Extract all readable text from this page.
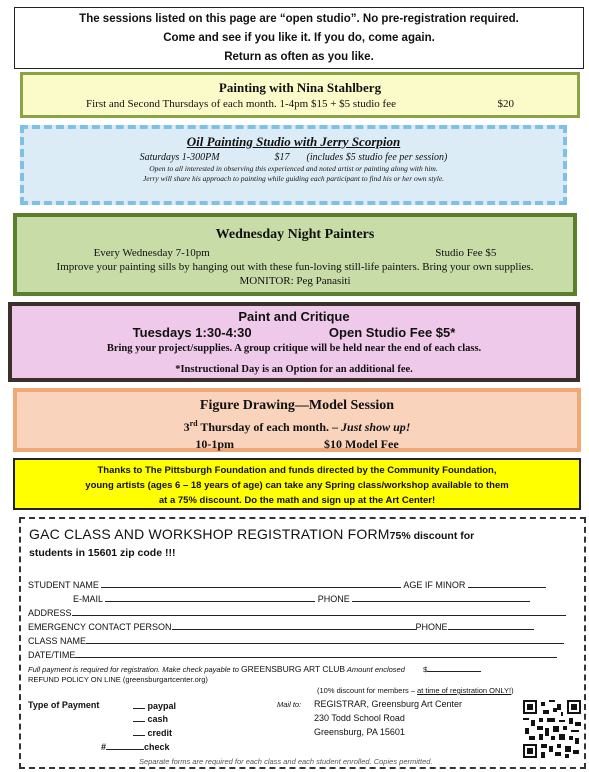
The sessions listed on this page are “open studio”. No pre-registration required.
Come and see if you like it. If you do, come again.
Return as often as you like.
Painting with Nina Stahlberg
First and Second Thursdays of each month. 1-4pm $15 + $5 studio fee	$20
Oil Painting Studio with Jerry Scorpion
Saturdays 1-300PM	$17 (includes $5 studio fee per session)
Open to all interested in observing this experienced and noted artist or painting along with him.
Jerry will share his approach to painting while guiding each participant to find his or her own style.
Wednesday Night Painters
Every Wednesday 7-10pm	Studio Fee $5
Improve your painting sills by hanging out with these fun-loving still-life painters. Bring your own supplies.
MONITOR: Peg Panasiti
Paint and Critique
Tuesdays 1:30-4:30	Open Studio Fee $5*
Bring your project/supplies. A group critique will be held near the end of each class.
*Instructional Day is an Option for an additional fee.
Figure Drawing—Model Session
3rd Thursday of each month. – Just show up!
10-1pm	$10 Model Fee
Thanks to The Pittsburgh Foundation and funds directed by the Community Foundation,
young artists (ages 6 – 18 years of age) can take any Spring class/workshop available to them
at a 75% discount. Do the math and sign up at the Art Center!
GAC CLASS AND WORKSHOP REGISTRATION FORM75% discount for
students in 15601 zip code !!!
STUDENT NAME	AGE IF MINOR
E-MAIL	PHONE
ADDRESS
EMERGENCY CONTACT PERSON	PHONE
CLASS NAME
DATE/TIME
Full payment is required for registration. Make check payable to GREENSBURG ART CLUB Amount enclosed $
REFUND POLICY ON LINE (greensburgartcenter.org)
(10% discount for members – at time of registration ONLY!)
Type of Payment	paypal
cash
credit
#	check
Mail to: REGISTRAR, Greensburg Art Center
230 Todd School Road
Greensburg, PA 15601
Separate forms are required for each class and each student enrolled. Copies permitted.
